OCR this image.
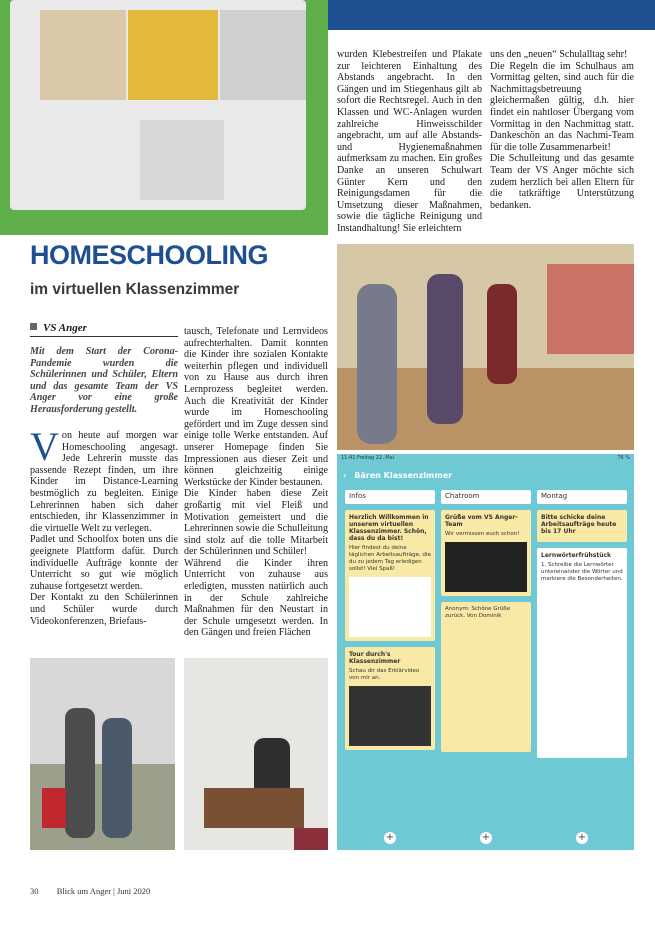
HOMESCHOOLING
im virtuellen Klassenzimmer
VS Anger
Mit dem Start der Corona-Pandemie wurden die Schülerinnen und Schüler, Eltern und das gesamte Team der VS Anger vor eine große Herausforderung gestellt.

Von heute auf morgen war Homeschooling angesagt. Jede Lehrerin musste das passende Rezept finden, um ihre Kinder im Distance-Learning bestmöglich zu begleiten. Einige Lehrerinnen haben sich daher entschieden, ihr Klassenzimmer in die virtuelle Welt zu verlegen.

Padlet und Schoolfox boten uns die geeignete Plattform dafür. Durch individuelle Aufträge konnte der Unterricht so gut wie möglich zuhause fortgesetzt werden.

Der Kontakt zu den Schülerinnen und Schüler wurde durch Videokonferenzen, Briefaus-

tausch, Telefonate und Lernvideos aufrechterhalten. Damit konnten die Kinder ihre sozialen Kontakte weiterhin pflegen und individuell von zu Hause aus durch ihren Lernprozess begleitet werden. Auch die Kreativität der Kinder wurde im Homeschooling gefördert und im Zuge dessen sind einige tolle Werke entstanden. Auf unserer Homepage finden Sie Impressionen aus dieser Zeit und können gleichzeitig einige Werkstücke der Kinder bestaunen.

Die Kinder haben diese Zeit großartig mit viel Fleiß und Motivation gemeistert und die Lehrerinnen sowie die Schulleitung sind stolz auf die tolle Mitarbeit der Schülerinnen und Schüler!

Während die Kinder ihren Unterricht von zuhause aus erledigten, mussten natürlich auch in der Schule zahlreiche Maßnahmen für den Neustart in der Schule umgesetzt werden. In den Gängen und freien Flächen

wurden Klebestreifen und Plakate zur leichteren Einhaltung des Abstands angebracht. In den Gängen und im Stiegenhaus gilt ab sofort die Rechtsregel. Auch in den Klassen und WC-Anlagen wurden zahlreiche Hinweisschilder angebracht, um auf alle Abstands- und Hygienemaßnahmen aufmerksam zu machen. Ein großes Danke an unseren Schulwart Günter Kern und den Reinigungsdamen für die Umsetzung dieser Maßnahmen, sowie die tägliche Reinigung und Instandhaltung! Sie erleichtern

uns den „neuen“ Schulalltag sehr!

Die Regeln die im Schulhaus am Vormittag gelten, sind auch für die Nachmittagsbetreuung gleichermaßen gültig, d.h. hier findet ein nahtloser Übergang vom Vormittag in den Nachmittag statt. Dankeschön an das Nachmi-Team für die tolle Zusammenarbeit!

Die Schulleitung und das gesamte Team der VS Anger möchte sich zudem herzlich bei allen Eltern für die tatkräftige Unterstützung bedanken.

11:41 Freitag 22. Mai	76 %
‹ Bären Klassenzimmer
Infos
Herzlich Willkommen in unserem virtuellen Klassenzimmer. Schön, dass du da bist!
Hier findest du deine täglichen Arbeitsaufträge, die du zu jedem Tag erledigen sollst! Viel Spaß!
Tour durch's Klassenzimmer
Schau dir das Erklärvideo von mir an.
Chatroom
Grüße vom VS Anger-Team
Wir vermissen euch schon!
Anonym: Schöne Grüße zurück. Von Dominik
Montag
Bitte schicke deine Arbeitsaufträge heute bis 17 Uhr
Lernwörterfrühstück
1. Schreibe die Lernwörter untereinander die Wörter und markiere die Besonderheiten.
+	+	+
30 Blick um Anger | Juni 2020
